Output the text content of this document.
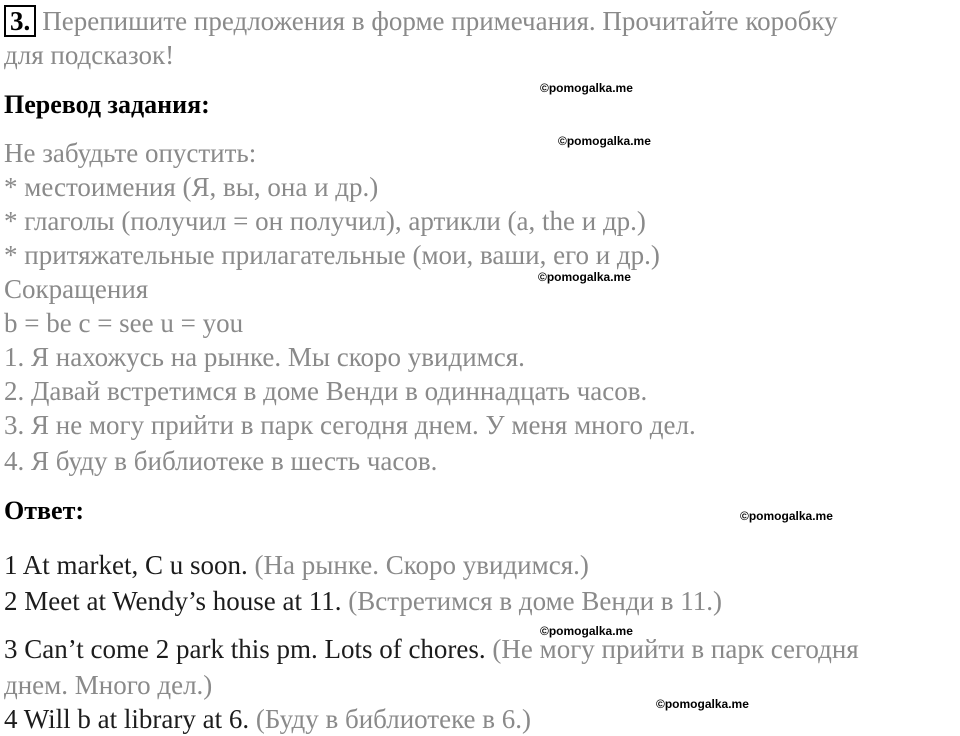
3. Перепишите предложения в форме примечания. Прочитайте коробку
для подсказок!
Перевод задания:
Не забудьте опустить:
* местоимения (Я, вы, она и др.)
* глаголы (получил = он получил), артикли (a, the и др.)
* притяжательные прилагательные (мои, ваши, его и др.)
Сокращения
b = be c = see u = you
1. Я нахожусь на рынке. Мы скоро увидимся.
2. Давай встретимся в доме Венди в одиннадцать часов.
3. Я не могу прийти в парк сегодня днем. У меня много дел.
4. Я буду в библиотеке в шесть часов.
Ответ:
1 At market, C u soon. (На рынке. Скоро увидимся.)
2 Meet at Wendy’s house at 11. (Встретимся в доме Венди в 11.)
3 Can’t come 2 park this pm. Lots of chores. (Не могу прийти в парк сегодня
днем. Много дел.)
4 Will b at library at 6. (Буду в библиотеке в 6.)
©pomogalka.me
©pomogalka.me
©pomogalka.me
©pomogalka.me
©pomogalka.me
©pomogalka.me
